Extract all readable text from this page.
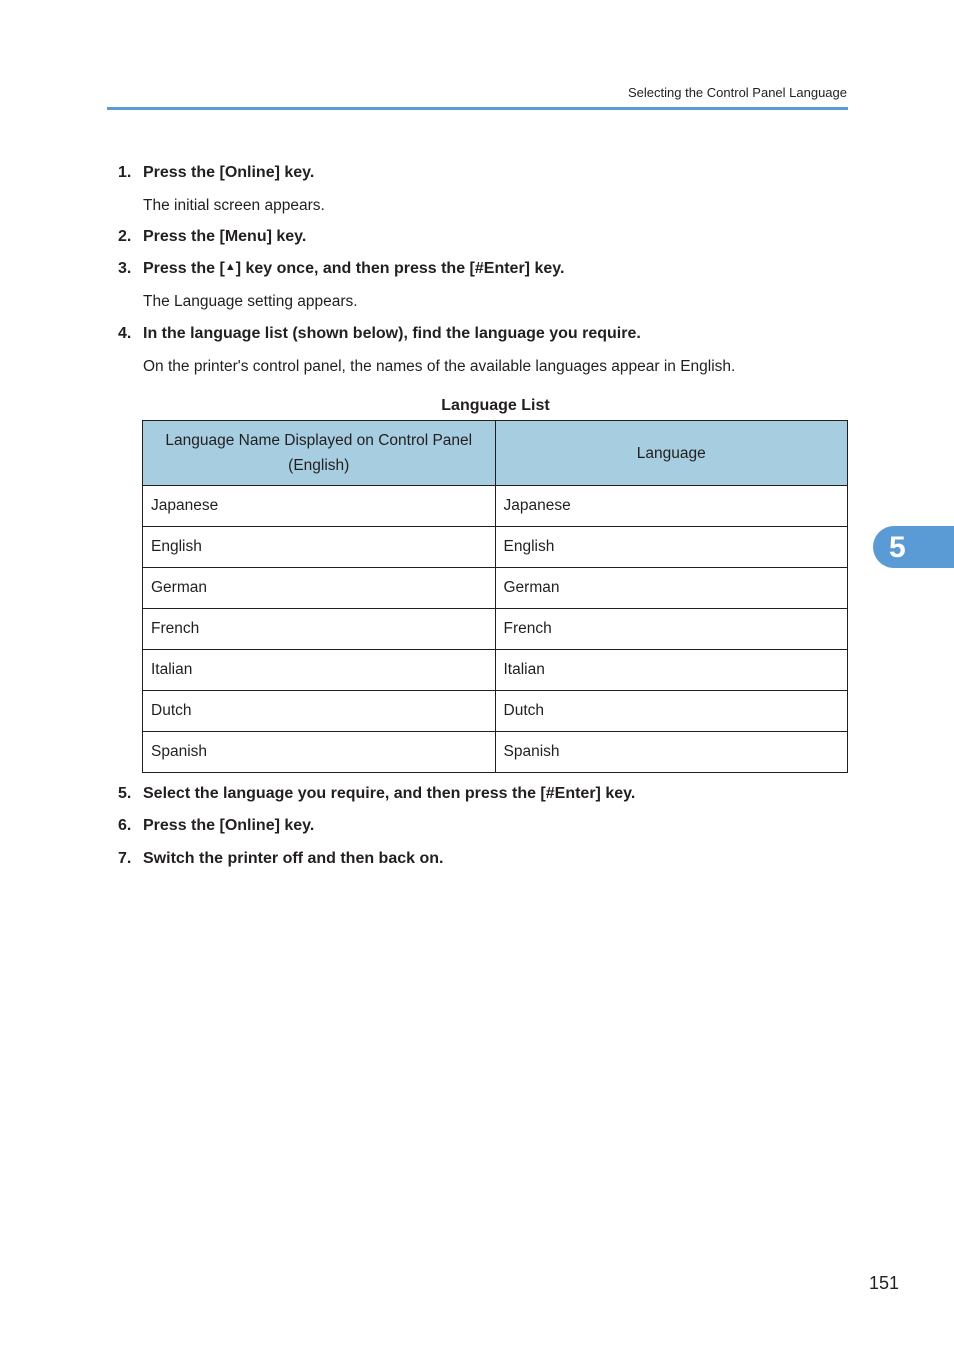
Selecting the Control Panel Language
1. Press the [Online] key.
The initial screen appears.
2. Press the [Menu] key.
3. Press the [▲] key once, and then press the [#Enter] key.
The Language setting appears.
4. In the language list (shown below), find the language you require.
On the printer's control panel, the names of the available languages appear in English.
Language List
Language Name Displayed on Control Panel (English)	Language
Japanese	Japanese
English	English
German	German
French	French
Italian	Italian
Dutch	Dutch
Spanish	Spanish
5. Select the language you require, and then press the [#Enter] key.
6. Press the [Online] key.
7. Switch the printer off and then back on.
5
151
